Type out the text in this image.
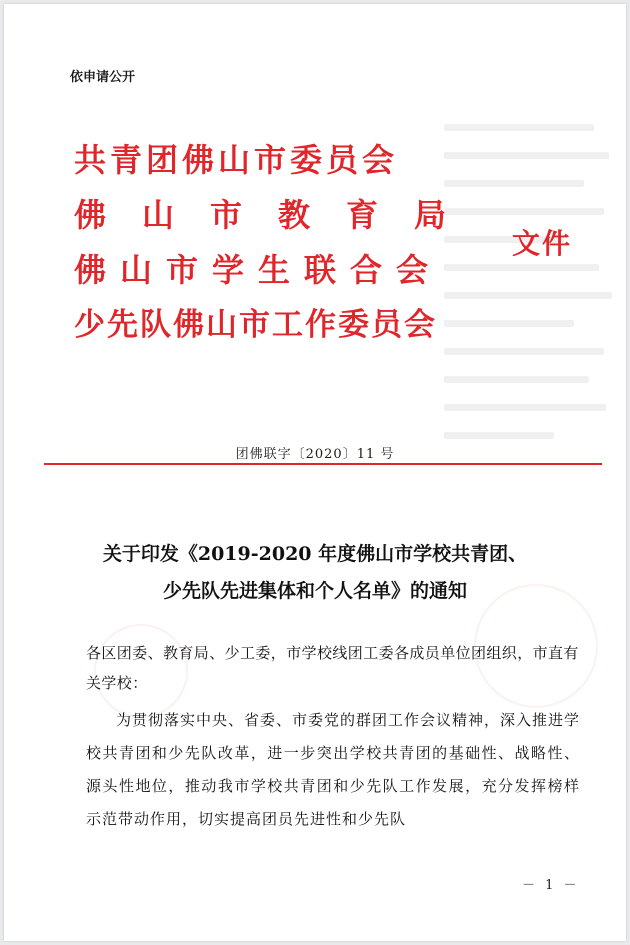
依申请公开
共青团佛山市委员会
佛山市教育局
佛山市学生联合会
少先队佛山市工作委员会
文件
团佛联字〔2020〕11 号
关于印发《2019-2020 年度佛山市学校共青团、
少先队先进集体和个人名单》的通知
各区团委、教育局、少工委，市学校线团工委各成员单位团组织，市直有关学校：
为贯彻落实中央、省委、市委党的群团工作会议精神，深入推进学校共青团和少先队改革，进一步突出学校共青团的基础性、战略性、源头性地位，推动我市学校共青团和少先队工作发展，充分发挥榜样示范带动作用，切实提高团员先进性和少先队
－ 1 －
